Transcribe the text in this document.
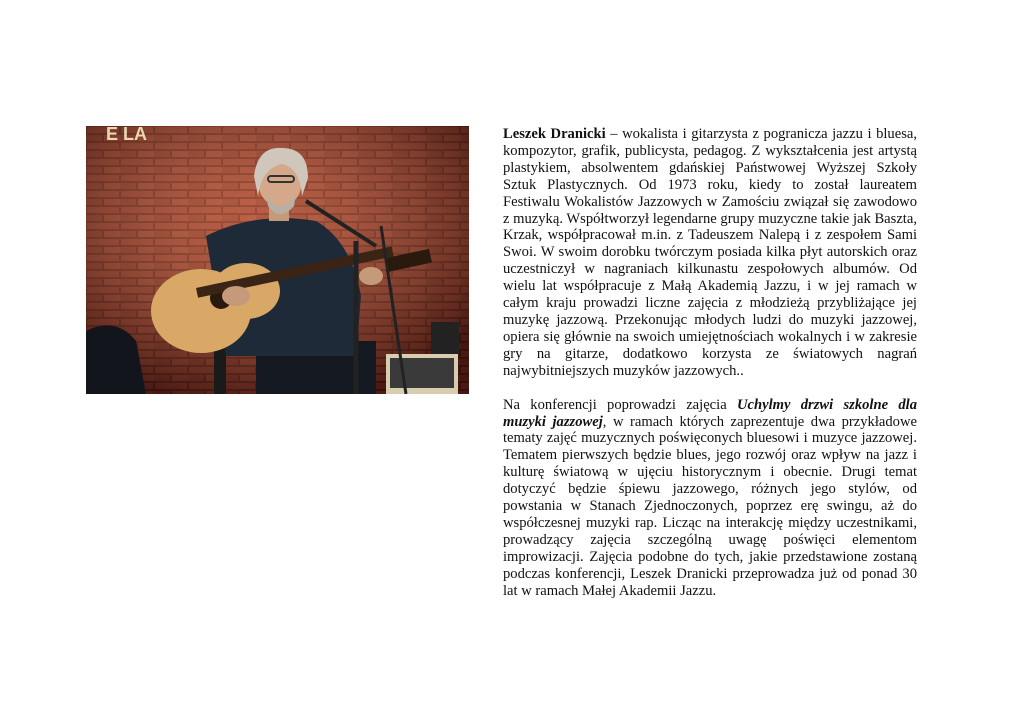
E LA	Leszek Dranicki – wokalista i gitarzysta z pogranicza jazzu i bluesa, kompozytor, grafik, publicysta, pedagog. Z wykształcenia jest artystą plastykiem, absolwentem gdańskiej Państwowej Wyższej Szkoły Sztuk Plastycznych. Od 1973 roku, kiedy to został laureatem Festiwalu Wokalistów Jazzowych w Zamościu związał się zawodowo z muzyką. Współtworzył legendarne grupy muzyczne takie jak Baszta, Krzak, współpracował m.in. z Tadeuszem Nalepą i z zespołem Sami Swoi. W swoim dorobku twórczym posiada kilka płyt autorskich oraz uczestniczył w nagraniach kilkunastu zespołowych albumów. Od wielu lat współpracuje z Małą Akademią Jazzu, i w jej ramach w całym kraju prowadzi liczne zajęcia z młodzieżą przybliżające jej muzykę jazzową. Przekonując młodych ludzi do muzyki jazzowej, opiera się głównie na swoich umiejętnościach wokalnych i w zakresie gry na gitarze, dodatkowo korzysta ze światowych nagrań najwybitniejszych muzyków jazzowych..

Na konferencji poprowadzi zajęcia Uchylmy drzwi szkolne dla muzyki jazzowej, w ramach których zaprezentuje dwa przykładowe tematy zajęć muzycznych poświęconych bluesowi i muzyce jazzowej. Tematem pierwszych będzie blues, jego rozwój oraz wpływ na jazz i kulturę światową w ujęciu historycznym i obecnie. Drugi temat dotyczyć będzie śpiewu jazzowego, różnych jego stylów, od powstania w Stanach Zjednoczonych, poprzez erę swingu, aż do współczesnej muzyki rap. Licząc na interakcję między uczestnikami, prowadzący zajęcia szczególną uwagę poświęci elementom improwizacji. Zajęcia podobne do tych, jakie przedstawione zostaną podczas konferencji, Leszek Dranicki przeprowadza już od ponad 30 lat w ramach Małej Akademii Jazzu.
